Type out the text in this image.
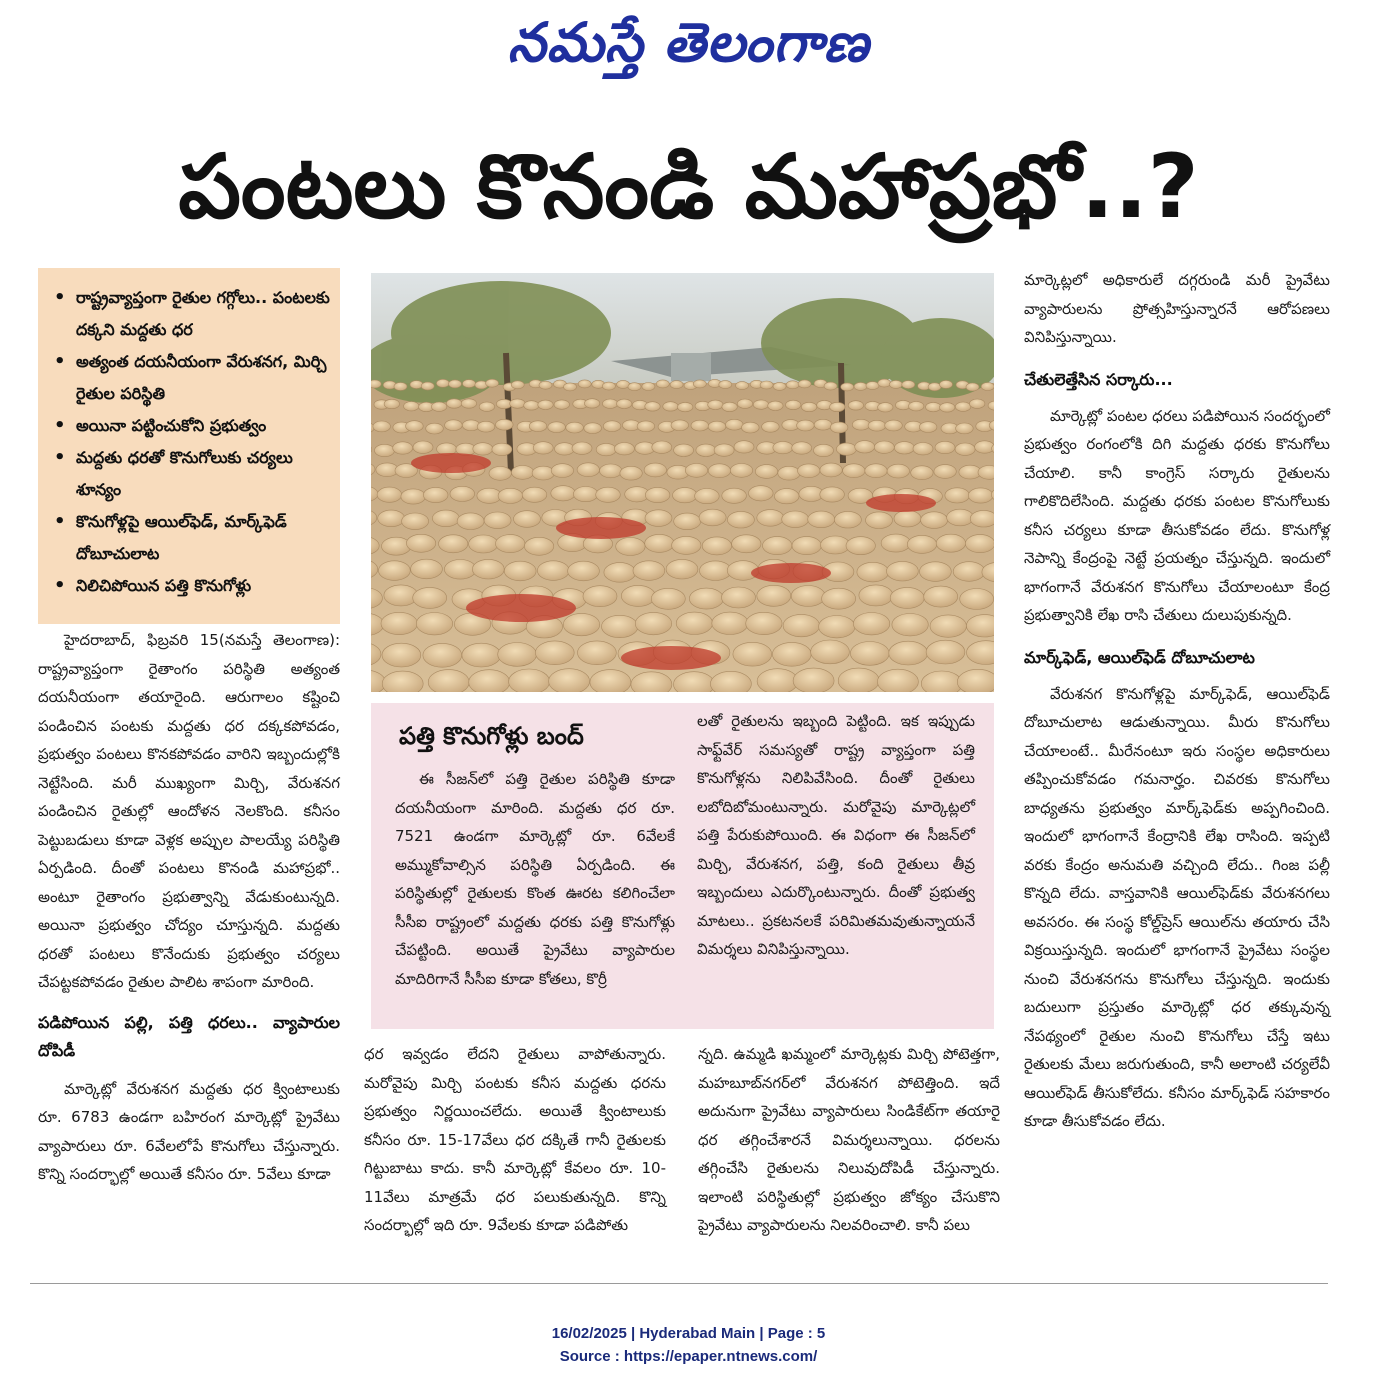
నమస్తే తెలంగాణ
పంటలు కొనండి మహాప్రభో..?
• రాష్ట్రవ్యాప్తంగా రైతుల గగ్గోలు.. పంటలకు దక్కని మద్దతు ధర
• అత్యంత దయనీయంగా వేరుశనగ, మిర్చి రైతుల పరిస్థితి
• అయినా పట్టించుకోని ప్రభుత్వం
• మద్దతు ధరతో కొనుగోలుకు చర్యలు శూన్యం
• కొనుగోళ్లపై ఆయిల్‌ఫెడ్, మార్క్‌ఫెడ్ దోబూచులాట
• నిలిచిపోయిన పత్తి కొనుగోళ్లు

హైదరాబాద్, ఫిబ్రవరి 15(నమస్తే తెలంగాణ): రాష్ట్రవ్యాప్తంగా రైతాంగం పరిస్థితి అత్యంత దయనీయంగా తయారైంది. ఆరుగాలం కష్టించి పండించిన పంటకు మద్దతు ధర దక్కకపోవడం, ప్రభుత్వం పంటలు కొనకపోవడం వారిని ఇబ్బందుల్లోకి నెట్టేసింది. మరీ ముఖ్యంగా మిర్చి, వేరుశనగ పండించిన రైతుల్లో ఆందోళన నెలకొంది. కనీసం పెట్టుబడులు కూడా వెళ్లక అప్పుల పాలయ్యే పరిస్థితి ఏర్పడింది. దీంతో పంటలు కొనండి మహాప్రభో.. అంటూ రైతాంగం ప్రభుత్వాన్ని వేడుకుంటున్నది. అయినా ప్రభుత్వం చోద్యం చూస్తున్నది. మద్దతు ధరతో పంటలు కొనేందుకు ప్రభుత్వం చర్యలు చేపట్టకపోవడం రైతుల పాలిట శాపంగా మారింది.

పడిపోయిన పల్లి, పత్తి ధరలు.. వ్యాపారుల దోపిడీ

మార్కెట్లో వేరుశనగ మద్దతు ధర క్వింటాలుకు రూ. 6783 ఉండగా బహిరంగ మార్కెట్లో ప్రైవేటు వ్యాపారులు రూ. 6వేలలోపే కొనుగోలు చేస్తున్నారు. కొన్ని సందర్భాల్లో అయితే కనీసం రూ. 5వేలు కూడా

పత్తి కొనుగోళ్లు బంద్

ఈ సీజన్‌లో పత్తి రైతుల పరిస్థితి కూడా దయనీయంగా మారింది. మద్దతు ధర రూ. 7521 ఉండగా మార్కెట్లో రూ. 6వేలకే అమ్ముకోవాల్సిన పరిస్థితి ఏర్పడింది. ఈ పరిస్థితుల్లో రైతులకు కొంత ఊరట కలిగించేలా సీసీఐ రాష్ట్రంలో మద్దతు ధరకు పత్తి కొనుగోళ్లు చేపట్టింది. అయితే ప్రైవేటు వ్యాపారుల మాదిరిగానే సీసీఐ కూడా కోతలు, కొర్రీ

లతో రైతులను ఇబ్బంది పెట్టింది. ఇక ఇప్పుడు సాఫ్ట్‌వేర్ సమస్యతో రాష్ట్ర వ్యాప్తంగా పత్తి కొనుగోళ్లను నిలిపివేసింది. దీంతో రైతులు లబోదిబోమంటున్నారు. మరోవైపు మార్కెట్లలో పత్తి పేరుకుపోయింది. ఈ విధంగా ఈ సీజన్‌లో మిర్చి, వేరుశనగ, పత్తి, కంది రైతులు తీవ్ర ఇబ్బందులు ఎదుర్కొంటున్నారు. దీంతో ప్రభుత్వ మాటలు.. ప్రకటనలకే పరిమితమవుతున్నాయనే విమర్శలు వినిపిస్తున్నాయి.

ధర ఇవ్వడం లేదని రైతులు వాపోతున్నారు. మరోవైపు మిర్చి పంటకు కనీస మద్దతు ధరను ప్రభుత్వం నిర్ణయించలేదు. అయితే క్వింటాలుకు కనీసం రూ. 15-17వేలు ధర దక్కితే గానీ రైతులకు గిట్టుబాటు కాదు. కానీ మార్కెట్లో కేవలం రూ. 10-11వేలు మాత్రమే ధర పలుకుతున్నది. కొన్ని సందర్భాల్లో ఇది రూ. 9వేలకు కూడా పడిపోతు

న్నది. ఉమ్మడి ఖమ్మంలో మార్కెట్లకు మిర్చి పోటెత్తగా, మహబూబ్‌నగర్‌లో వేరుశనగ పోటెత్తింది. ఇదే అదునుగా ప్రైవేటు వ్యాపారులు సిండికేట్‌గా తయారై ధర తగ్గించేశారనే విమర్శలున్నాయి. ధరలను తగ్గించేసి రైతులను నిలువుదోపిడీ చేస్తున్నారు. ఇలాంటి పరిస్థితుల్లో ప్రభుత్వం జోక్యం చేసుకొని ప్రైవేటు వ్యాపారులను నిలవరించాలి. కానీ పలు

మార్కెట్లలో అధికారులే దగ్గరుండి మరీ ప్రైవేటు వ్యాపారులను ప్రోత్సహిస్తున్నారనే ఆరోపణలు వినిపిస్తున్నాయి.

చేతులెత్తేసిన సర్కారు...

మార్కెట్లో పంటల ధరలు పడిపోయిన సందర్భంలో ప్రభుత్వం రంగంలోకి దిగి మద్దతు ధరకు కొనుగోలు చేయాలి. కానీ కాంగ్రెస్ సర్కారు రైతులను గాలికొదిలేసింది. మద్దతు ధరకు పంటల కొనుగోలుకు కనీస చర్యలు కూడా తీసుకోవడం లేదు. కొనుగోళ్ల నెపాన్ని కేంద్రంపై నెట్టే ప్రయత్నం చేస్తున్నది. ఇందులో భాగంగానే వేరుశనగ కొనుగోలు చేయాలంటూ కేంద్ర ప్రభుత్వానికి లేఖ రాసి చేతులు దులుపుకున్నది.

మార్క్‌ఫెడ్, ఆయిల్‌ఫెడ్ దోబూచులాట

వేరుశనగ కొనుగోళ్లపై మార్క్‌ఫెడ్, ఆయిల్‌ఫెడ్ దోబూచులాట ఆడుతున్నాయి. మీరు కొనుగోలు చేయాలంటే.. మీరేనంటూ ఇరు సంస్థల అధికారులు తప్పించుకోవడం గమనార్హం. చివరకు కొనుగోలు బాధ్యతను ప్రభుత్వం మార్క్‌ఫెడ్‌కు అప్పగించింది. ఇందులో భాగంగానే కేంద్రానికి లేఖ రాసింది. ఇప్పటి వరకు కేంద్రం అనుమతి వచ్చింది లేదు.. గింజ పల్లీ కొన్నది లేదు. వాస్తవానికి ఆయిల్‌ఫెడ్‌కు వేరుశనగలు అవసరం. ఈ సంస్థ కోల్డ్‌ప్రెస్ ఆయిల్‌ను తయారు చేసి విక్రయిస్తున్నది. ఇందులో భాగంగానే ప్రైవేటు సంస్థల నుంచి వేరుశనగను కొనుగోలు చేస్తున్నది. ఇందుకు బదులుగా ప్రస్తుతం మార్కెట్లో ధర తక్కువున్న నేపథ్యంలో రైతుల నుంచి కొనుగోలు చేస్తే ఇటు రైతులకు మేలు జరుగుతుంది, కానీ అలాంటి చర్యలేవీ ఆయిల్‌ఫెడ్ తీసుకోలేదు. కనీసం మార్క్‌ఫెడ్ సహకారం కూడా తీసుకోవడం లేదు.

16/02/2025 | Hyderabad Main | Page : 5
Source : https://epaper.ntnews.com/
